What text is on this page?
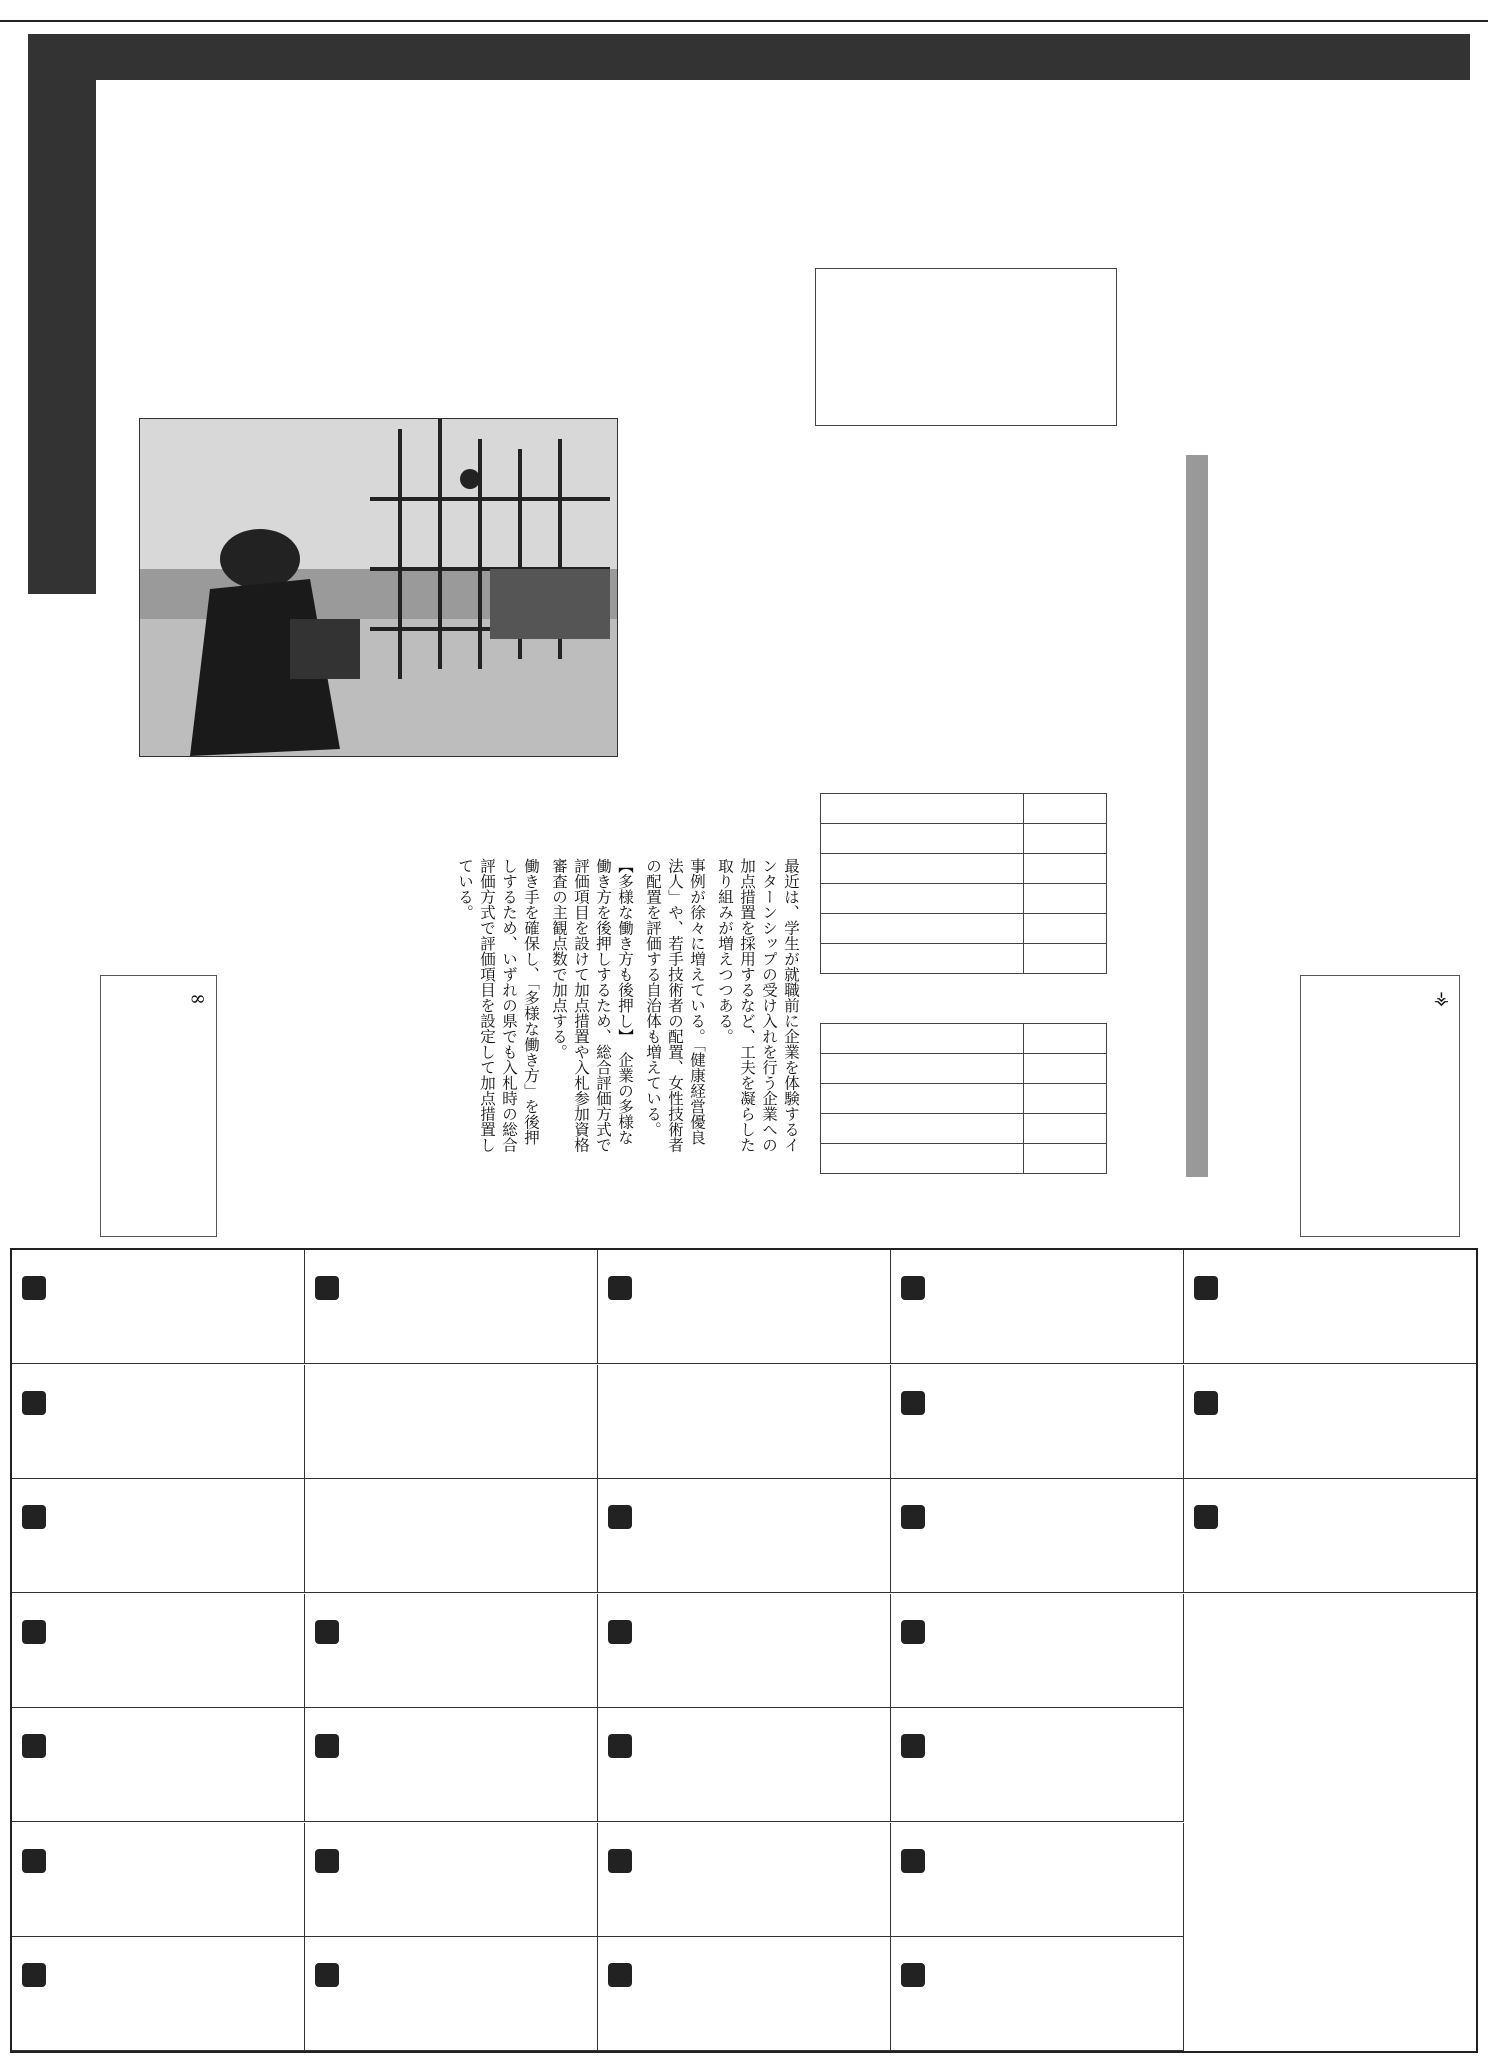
最近は、学生が就職前に企業を体験するインターンシップの受け入れを行う企業への加点措置を採用するなど、工夫を凝らした取り組みが増えつつある。

事例が徐々に増えている。「健康経営優良法人」や、若手技術者の配置、女性技術者の配置を評価する自治体も増えている。

【多様な働き方も後押し】　企業の多様な働き方を後押しするため、総合評価方式で評価項目を設けて加点措置や入札参加資格審査の主観点数で加点する。

働き手を確保し、「多様な働き方」を後押しするため、いずれの県でも入札時の総合評価方式で評価項目を設定して加点措置している。

∞	⚶
